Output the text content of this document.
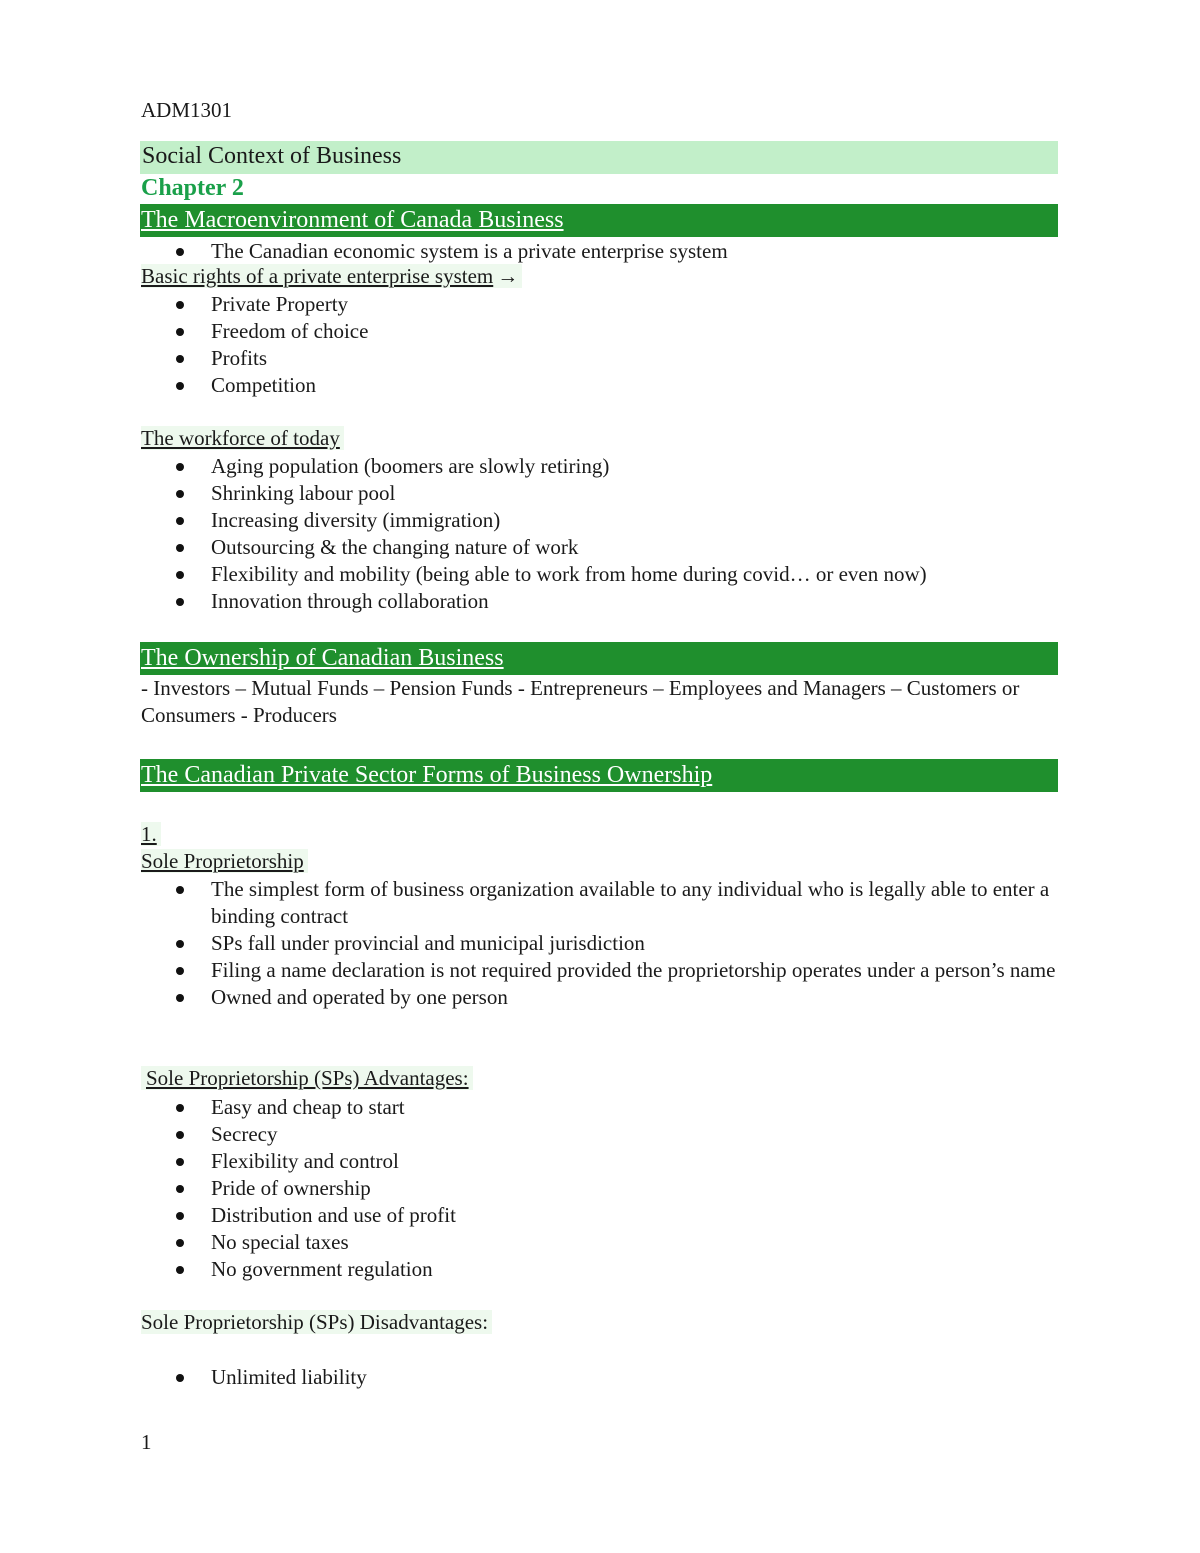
ADM1301
Social Context of Business
Chapter 2
The Macroenvironment of Canada Business
The Canadian economic system is a private enterprise system
Basic rights of a private enterprise system →
Private Property
Freedom of choice
Profits
Competition
The workforce of today
Aging population (boomers are slowly retiring)
Shrinking labour pool
Increasing diversity (immigration)
Outsourcing & the changing nature of work
Flexibility and mobility (being able to work from home during covid… or even now)
Innovation through collaboration
The Ownership of Canadian Business
- Investors – Mutual Funds – Pension Funds - Entrepreneurs – Employees and Managers – Customers or Consumers - Producers
The Canadian Private Sector Forms of Business Ownership
1.
Sole Proprietorship
The simplest form of business organization available to any individual who is legally able to enter a binding contract
SPs fall under provincial and municipal jurisdiction
Filing a name declaration is not required provided the proprietorship operates under a person’s name
Owned and operated by one person
Sole Proprietorship (SPs) Advantages:
Easy and cheap to start
Secrecy
Flexibility and control
Pride of ownership
Distribution and use of profit
No special taxes
No government regulation
Sole Proprietorship (SPs) Disadvantages:
Unlimited liability
1
